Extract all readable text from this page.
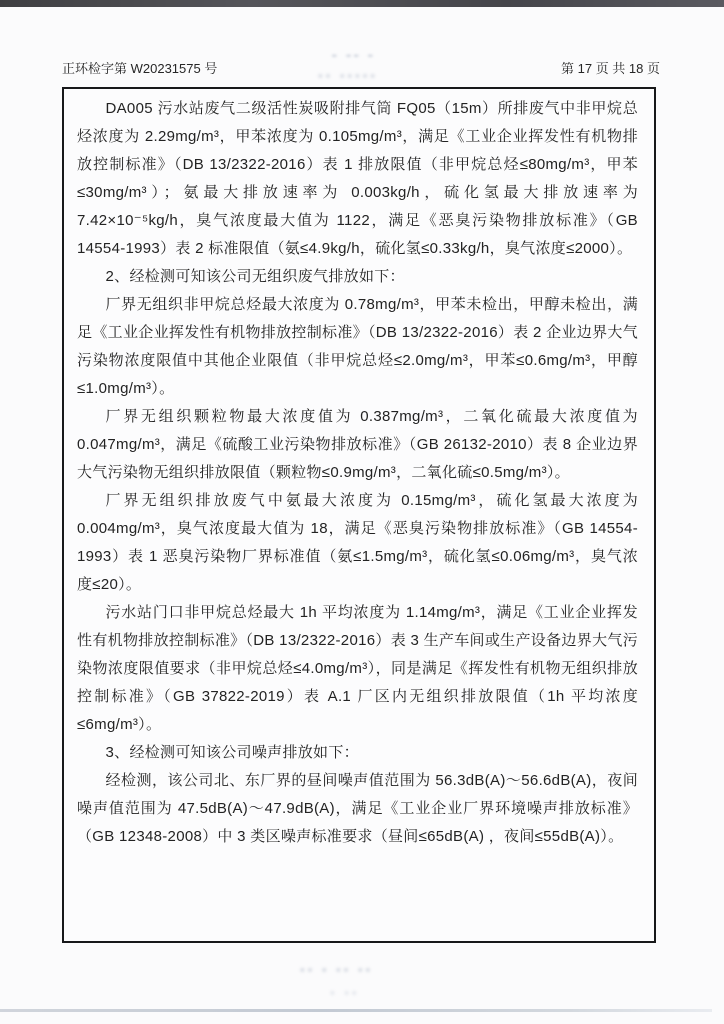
▪ ▪▪ ▪
▪▪ ▪▪▪▪▪
▪▪ ▪ ▪▪ ▪▪
▪ ▪▪
正环检字第 W20231575 号	第 17 页 共 18 页

DA005 污水站废气二级活性炭吸附排气筒 FQ05（15m）所排废气中非甲烷总烃浓度为 2.29mg/m³，甲苯浓度为 0.105mg/m³，满足《工业企业挥发性有机物排放控制标准》（DB 13/2322-2016）表 1 排放限值（非甲烷总烃≤80mg/m³，甲苯≤30mg/m³）；氨最大排放速率为 0.003kg/h，硫化氢最大排放速率为 7.42×10⁻⁵kg/h，臭气浓度最大值为 1122，满足《恶臭污染物排放标准》（GB 14554-1993）表 2 标准限值（氨≤4.9kg/h，硫化氢≤0.33kg/h，臭气浓度≤2000）。

2、经检测可知该公司无组织废气排放如下：

厂界无组织非甲烷总烃最大浓度为 0.78mg/m³，甲苯未检出，甲醇未检出，满足《工业企业挥发性有机物排放控制标准》（DB 13/2322-2016）表 2 企业边界大气污染物浓度限值中其他企业限值（非甲烷总烃≤2.0mg/m³，甲苯≤0.6mg/m³，甲醇≤1.0mg/m³）。

厂界无组织颗粒物最大浓度值为 0.387mg/m³，二氧化硫最大浓度值为 0.047mg/m³，满足《硫酸工业污染物排放标准》（GB 26132-2010）表 8 企业边界大气污染物无组织排放限值（颗粒物≤0.9mg/m³，二氧化硫≤0.5mg/m³）。

厂界无组织排放废气中氨最大浓度为 0.15mg/m³，硫化氢最大浓度为 0.004mg/m³，臭气浓度最大值为 18，满足《恶臭污染物排放标准》（GB 14554-1993）表 1 恶臭污染物厂界标准值（氨≤1.5mg/m³，硫化氢≤0.06mg/m³，臭气浓度≤20）。

污水站门口非甲烷总烃最大 1h 平均浓度为 1.14mg/m³，满足《工业企业挥发性有机物排放控制标准》（DB 13/2322-2016）表 3 生产车间或生产设备边界大气污染物浓度限值要求（非甲烷总烃≤4.0mg/m³），同是满足《挥发性有机物无组织排放控制标准》（GB 37822-2019）表 A.1 厂区内无组织排放限值（1h 平均浓度≤6mg/m³）。

3、经检测可知该公司噪声排放如下：

经检测，该公司北、东厂界的昼间噪声值范围为 56.3dB(A)～56.6dB(A)，夜间噪声值范围为 47.5dB(A)～47.9dB(A)，满足《工业企业厂界环境噪声排放标准》（GB 12348-2008）中 3 类区噪声标准要求（昼间≤65dB(A) ，夜间≤55dB(A)）。
